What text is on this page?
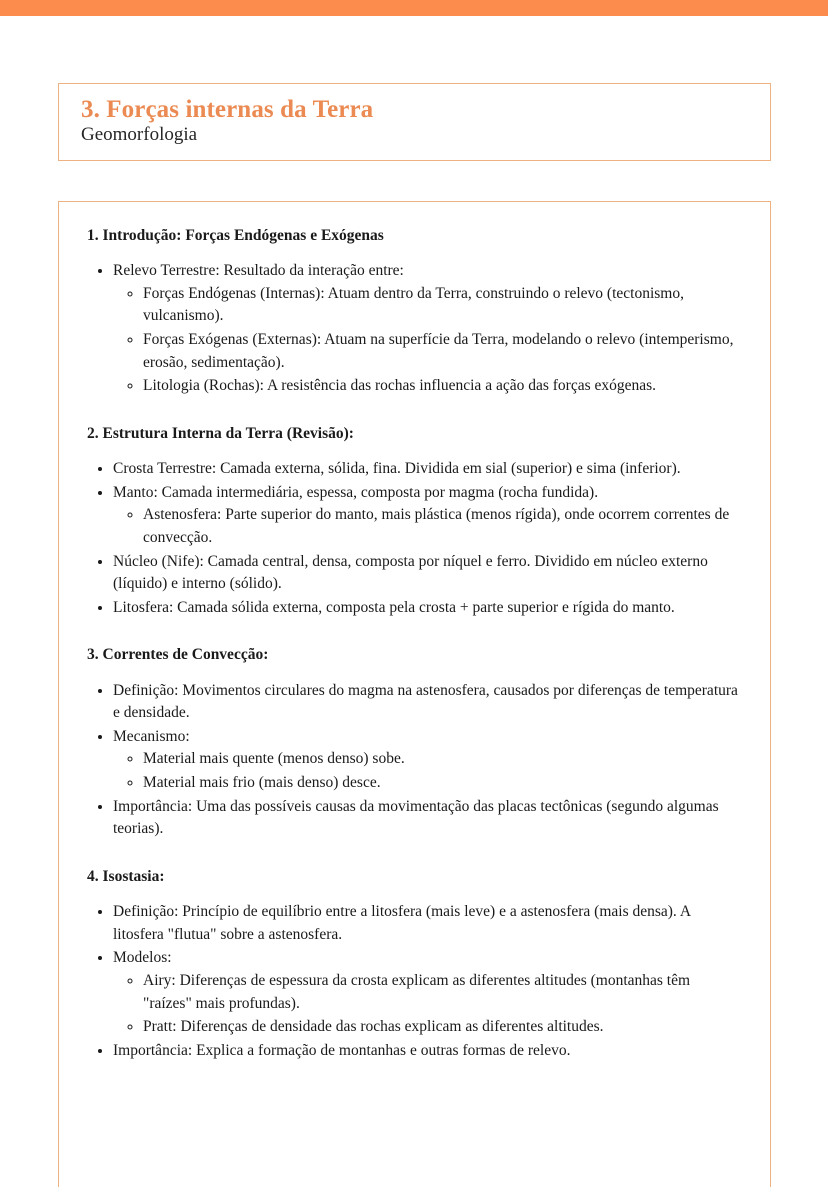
3. Forças internas da Terra

Geomorfologia

1. Introdução: Forças Endógenas e Exógenas
• Relevo Terrestre: Resultado da interação entre:
◦ Forças Endógenas (Internas): Atuam dentro da Terra, construindo o relevo (tectonismo, vulcanismo).
◦ Forças Exógenas (Externas): Atuam na superfície da Terra, modelando o relevo (intemperismo, erosão, sedimentação).
◦ Litologia (Rochas): A resistência das rochas influencia a ação das forças exógenas.
2. Estrutura Interna da Terra (Revisão):
• Crosta Terrestre: Camada externa, sólida, fina. Dividida em sial (superior) e sima (inferior).
• Manto: Camada intermediária, espessa, composta por magma (rocha fundida).
◦ Astenosfera: Parte superior do manto, mais plástica (menos rígida), onde ocorrem correntes de convecção.
• Núcleo (Nife): Camada central, densa, composta por níquel e ferro. Dividido em núcleo externo (líquido) e interno (sólido).
• Litosfera: Camada sólida externa, composta pela crosta + parte superior e rígida do manto.
3. Correntes de Convecção:
• Definição: Movimentos circulares do magma na astenosfera, causados por diferenças de temperatura e densidade.
• Mecanismo:
◦ Material mais quente (menos denso) sobe.
◦ Material mais frio (mais denso) desce.
• Importância: Uma das possíveis causas da movimentação das placas tectônicas (segundo algumas teorias).
4. Isostasia:
• Definição: Princípio de equilíbrio entre a litosfera (mais leve) e a astenosfera (mais densa). A litosfera "flutua" sobre a astenosfera.
• Modelos:
◦ Airy: Diferenças de espessura da crosta explicam as diferentes altitudes (montanhas têm "raízes" mais profundas).
◦ Pratt: Diferenças de densidade das rochas explicam as diferentes altitudes.
• Importância: Explica a formação de montanhas e outras formas de relevo.
